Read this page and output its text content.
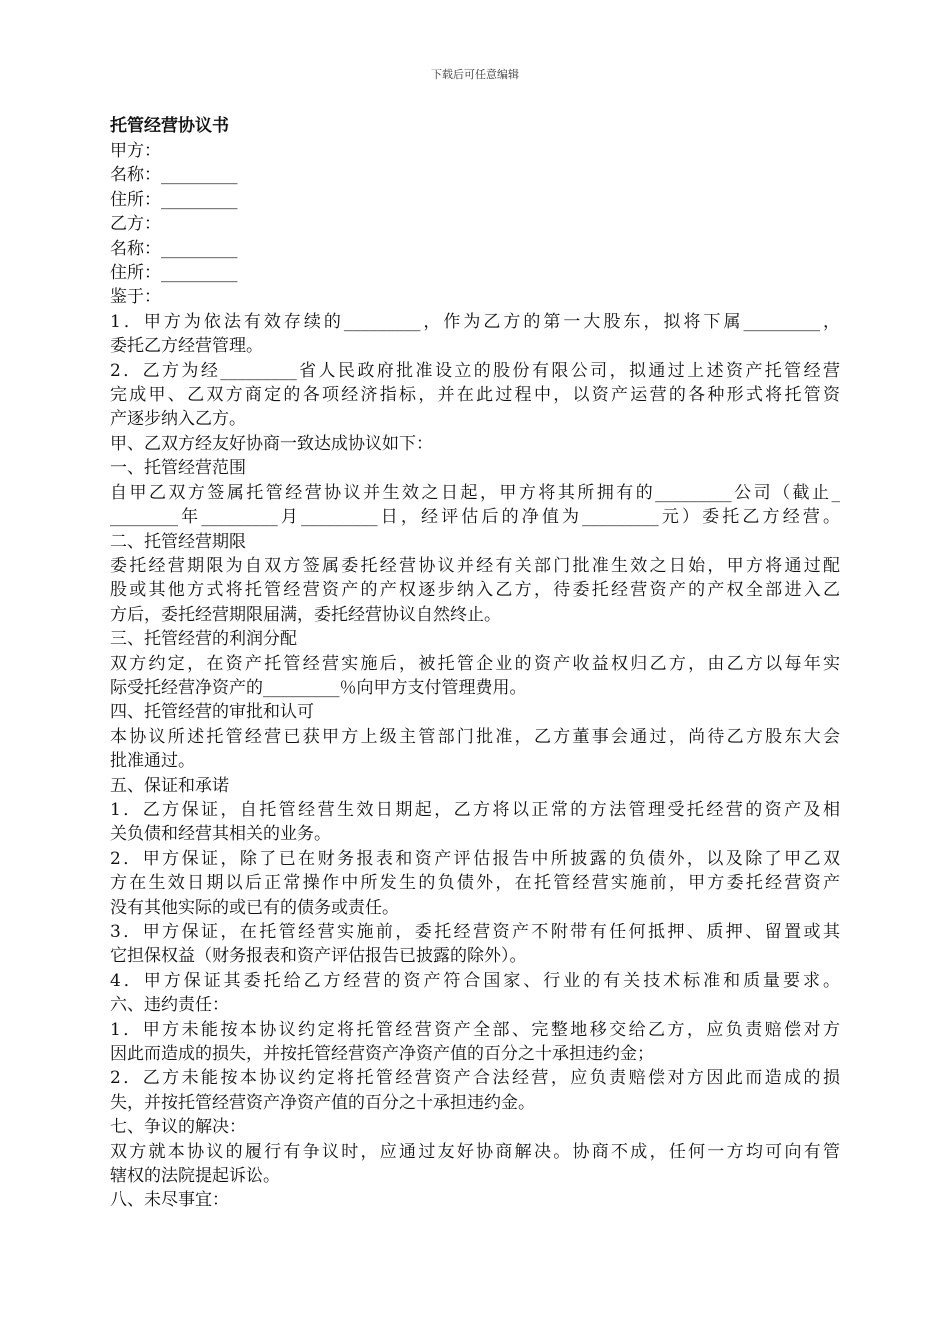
下载后可任意编辑
托管经营协议书
甲方：
名称：_________
住所：_________
乙方：
名称：_________
住所：_________
鉴于：
1．甲方为依法有效存续的_________，作为乙方的第一大股东，拟将下属_________，
委托乙方经营管理。
2．乙方为经_________省人民政府批准设立的股份有限公司，拟通过上述资产托管经营
完成甲、乙双方商定的各项经济指标，并在此过程中，以资产运营的各种形式将托管资
产逐步纳入乙方。
甲、乙双方经友好协商一致达成协议如下：
一、托管经营范围
自甲乙双方签属托管经营协议并生效之日起，甲方将其所拥有的_________公司（截止_
________年_________月_________日，经评估后的净值为_________元）委托乙方经营。
二、托管经营期限
委托经营期限为自双方签属委托经营协议并经有关部门批准生效之日始，甲方将通过配
股或其他方式将托管经营资产的产权逐步纳入乙方，待委托经营资产的产权全部进入乙
方后，委托经营期限届满，委托经营协议自然终止。
三、托管经营的利润分配
双方约定，在资产托管经营实施后，被托管企业的资产收益权归乙方，由乙方以每年实
际受托经营净资产的_________％向甲方支付管理费用。
四、托管经营的审批和认可
本协议所述托管经营已获甲方上级主管部门批准，乙方董事会通过，尚待乙方股东大会
批准通过。
五、保证和承诺
1．乙方保证，自托管经营生效日期起，乙方将以正常的方法管理受托经营的资产及相
关负债和经营其相关的业务。
2．甲方保证，除了已在财务报表和资产评估报告中所披露的负债外，以及除了甲乙双
方在生效日期以后正常操作中所发生的负债外，在托管经营实施前，甲方委托经营资产
没有其他实际的或已有的债务或责任。
3．甲方保证，在托管经营实施前，委托经营资产不附带有任何抵押、质押、留置或其
它担保权益（财务报表和资产评估报告已披露的除外）。
4．甲方保证其委托给乙方经营的资产符合国家、行业的有关技术标准和质量要求。
六、违约责任：
1．甲方未能按本协议约定将托管经营资产全部、完整地移交给乙方，应负责赔偿对方
因此而造成的损失，并按托管经营资产净资产值的百分之十承担违约金；
2．乙方未能按本协议约定将托管经营资产合法经营，应负责赔偿对方因此而造成的损
失，并按托管经营资产净资产值的百分之十承担违约金。
七、争议的解决：
双方就本协议的履行有争议时，应通过友好协商解决。协商不成，任何一方均可向有管
辖权的法院提起诉讼。
八、未尽事宜：
